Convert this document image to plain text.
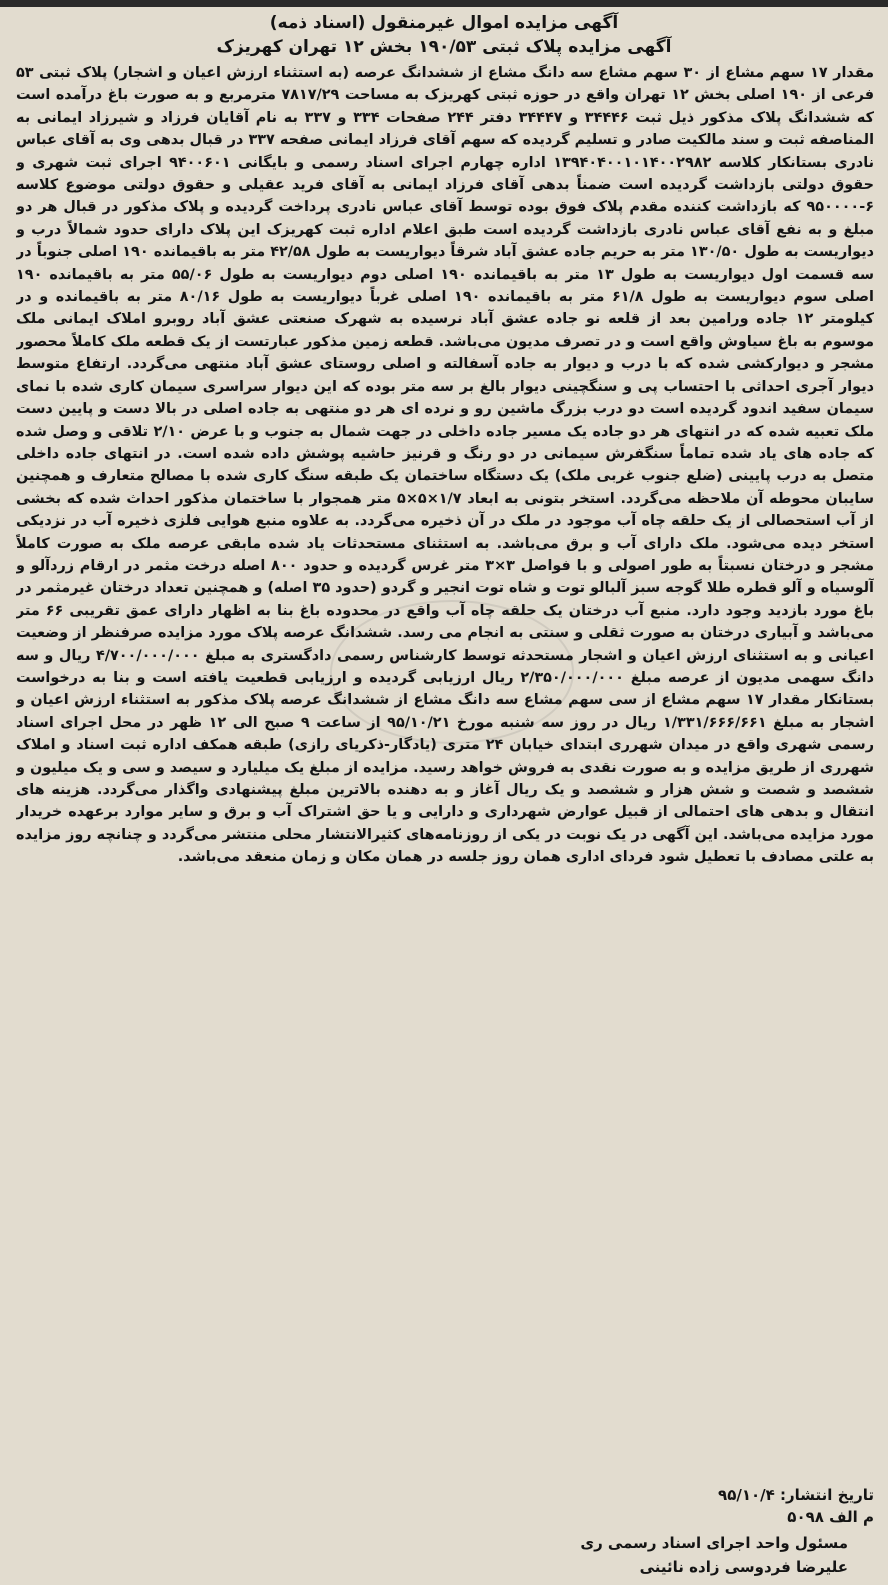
آگهی مزایده اموال غیرمنقول (اسناد ذمه)
آگهی مزایده پلاک ثبتی ۱۹۰/۵۳ بخش ۱۲ تهران کهریزک

مقدار ۱۷ سهم مشاع از ۳۰ سهم مشاع سه دانگ مشاع از ششدانگ عرصه (به استثناء ارزش اعیان و اشجار) پلاک ثبتی ۵۳ فرعی از ۱۹۰ اصلی بخش ۱۲ تهران واقع در حوزه ثبتی کهریزک به مساحت ۷۸۱۷/۲۹ مترمربع و به صورت باغ درآمده است که ششدانگ پلاک مذکور ذیل ثبت ۳۴۴۴۶ و ۳۴۴۴۷ دفتر ۲۴۴ صفحات ۳۳۴ و ۳۳۷ به نام آقایان فرزاد و شیرزاد ایمانی به المناصفه ثبت و سند مالکیت صادر و تسلیم گردیده که سهم آقای فرزاد ایمانی صفحه ۳۳۷ در قبال بدهی وی به آقای عباس نادری بستانکار کلاسه ۱۳۹۴۰۴۰۰۱۰۱۴۰۰۲۹۸۲ اداره چهارم اجرای اسناد رسمی و بایگانی ۹۴۰۰۶۰۱ اجرای ثبت شهری و حقوق دولتی بازداشت گردیده است ضمناً بدهی آقای فرزاد ایمانی به آقای فرید عقیلی و حقوق دولتی موضوع کلاسه ۶-۹۵۰۰۰۰ که بازداشت کننده مقدم پلاک فوق بوده توسط آقای عباس نادری پرداخت گردیده و پلاک مذکور در قبال هر دو مبلغ و به نفع آقای عباس نادری بازداشت گردیده است طبق اعلام اداره ثبت کهریزک این پلاک دارای حدود شمالاً درب و دیواریست به طول ۱۳۰/۵۰ متر به حریم جاده عشق آباد شرقاً دیواریست به طول ۴۲/۵۸ متر به باقیمانده ۱۹۰ اصلی جنوباً در سه قسمت اول دیواریست به طول ۱۳ متر به باقیمانده ۱۹۰ اصلی دوم دیواریست به طول ۵۵/۰۶ متر به باقیمانده ۱۹۰ اصلی سوم دیواریست به طول ۶۱/۸ متر به باقیمانده ۱۹۰ اصلی غرباً دیواریست به طول ۸۰/۱۶ متر به باقیمانده و در کیلومتر ۱۲ جاده ورامین بعد از قلعه نو جاده عشق آباد نرسیده به شهرک صنعتی عشق آباد روبرو املاک ایمانی ملک موسوم به باغ سیاوش واقع است و در تصرف مدیون می‌باشد. قطعه زمین مذکور عبارتست از یک قطعه ملک کاملاً محصور مشجر و دیوارکشی شده که با درب و دیوار به جاده آسفالته و اصلی روستای عشق آباد منتهی می‌گردد. ارتفاع متوسط دیوار آجری احداثی با احتساب پی و سنگچینی دیوار بالغ بر سه متر بوده که این دیوار سراسری سیمان کاری شده با نمای سیمان سفید اندود گردیده است دو درب بزرگ ماشین رو و نرده ای هر دو منتهی به جاده اصلی در بالا دست و پایین دست ملک تعبیه شده که در انتهای هر دو جاده یک مسیر جاده داخلی در جهت شمال به جنوب و با عرض ۲/۱۰ تلاقی و وصل شده که جاده های یاد شده تماماً سنگفرش سیمانی در دو رنگ و قرنیز حاشیه پوشش داده شده است. در انتهای جاده داخلی متصل به درب پایینی (ضلع جنوب غربی ملک) یک دستگاه ساختمان یک طبقه سنگ کاری شده با مصالح متعارف و همچنین سایبان محوطه آن ملاحظه می‌گردد. استخر بتونی به ابعاد ۱/۷×۵×۵ متر همجوار با ساختمان مذکور احداث شده که بخشی از آب استحصالی از یک حلقه چاه آب موجود در ملک در آن ذخیره می‌گردد. به علاوه منبع هوایی فلزی ذخیره آب در نزدیکی استخر دیده می‌شود. ملک دارای آب و برق می‌باشد. به استثنای مستحدثات یاد شده مابقی عرصه ملک به صورت کاملاً مشجر و درختان نسبتاً به طور اصولی و با فواصل ۳×۳ متر غرس گردیده و حدود ۸۰۰ اصله درخت مثمر در ارقام زردآلو و آلوسیاه و آلو قطره طلا گوجه سبز آلبالو توت و شاه توت انجیر و گردو (حدود ۳۵ اصله) و همچنین تعداد درختان غیرمثمر در باغ مورد بازدید وجود دارد. منبع آب درختان یک حلقه چاه آب واقع در محدوده باغ بنا به اظهار دارای عمق تقریبی ۶۶ متر می‌باشد و آبیاری درختان به صورت ثقلی و سنتی به انجام می رسد. ششدانگ عرصه پلاک مورد مزایده صرفنظر از وضعیت اعیانی و به استثنای ارزش اعیان و اشجار مستحدثه توسط کارشناس رسمی دادگستری به مبلغ ۴/۷۰۰/۰۰۰/۰۰۰ ریال و سه دانگ سهمی مدیون از عرصه مبلغ ۲/۳۵۰/۰۰۰/۰۰۰ ریال ارزیابی گردیده و ارزیابی قطعیت یافته است و بنا به درخواست بستانکار مقدار ۱۷ سهم مشاع از سی سهم مشاع سه دانگ مشاع از ششدانگ عرصه پلاک مذکور به استثناء ارزش اعیان و اشجار به مبلغ ۱/۳۳۱/۶۶۶/۶۶۱ ریال در روز سه شنبه مورخ ۹۵/۱۰/۲۱ از ساعت ۹ صبح الی ۱۲ ظهر در محل اجرای اسناد رسمی شهری واقع در میدان شهرری ابتدای خیابان ۲۴ متری (یادگار-ذکریای رازی) طبقه همکف اداره ثبت اسناد و املاک شهرری از طریق مزایده و به صورت نقدی به فروش خواهد رسید. مزایده از مبلغ یک میلیارد و سیصد و سی و یک میلیون و ششصد و شصت و شش هزار و ششصد و یک ریال آغاز و به دهنده بالاترین مبلغ پیشنهادی واگذار می‌گردد. هزینه های انتقال و بدهی های احتمالی از قبیل عوارض شهرداری و دارایی و یا حق اشتراک آب و برق و سایر موارد برعهده خریدار مورد مزایده می‌باشد. این آگهی در یک نوبت در یکی از روزنامه‌های کثیرالانتشار محلی منتشر می‌گردد و چنانچه روز مزایده به علتی مصادف با تعطیل شود فردای اداری همان روز جلسه در همان مکان و زمان منعقد می‌باشد.

تاریخ انتشار: ۹۵/۱۰/۴

م الف ۵۰۹۸

مسئول واحد اجرای اسناد رسمی ری

علیرضا فردوسی زاده نائینی
